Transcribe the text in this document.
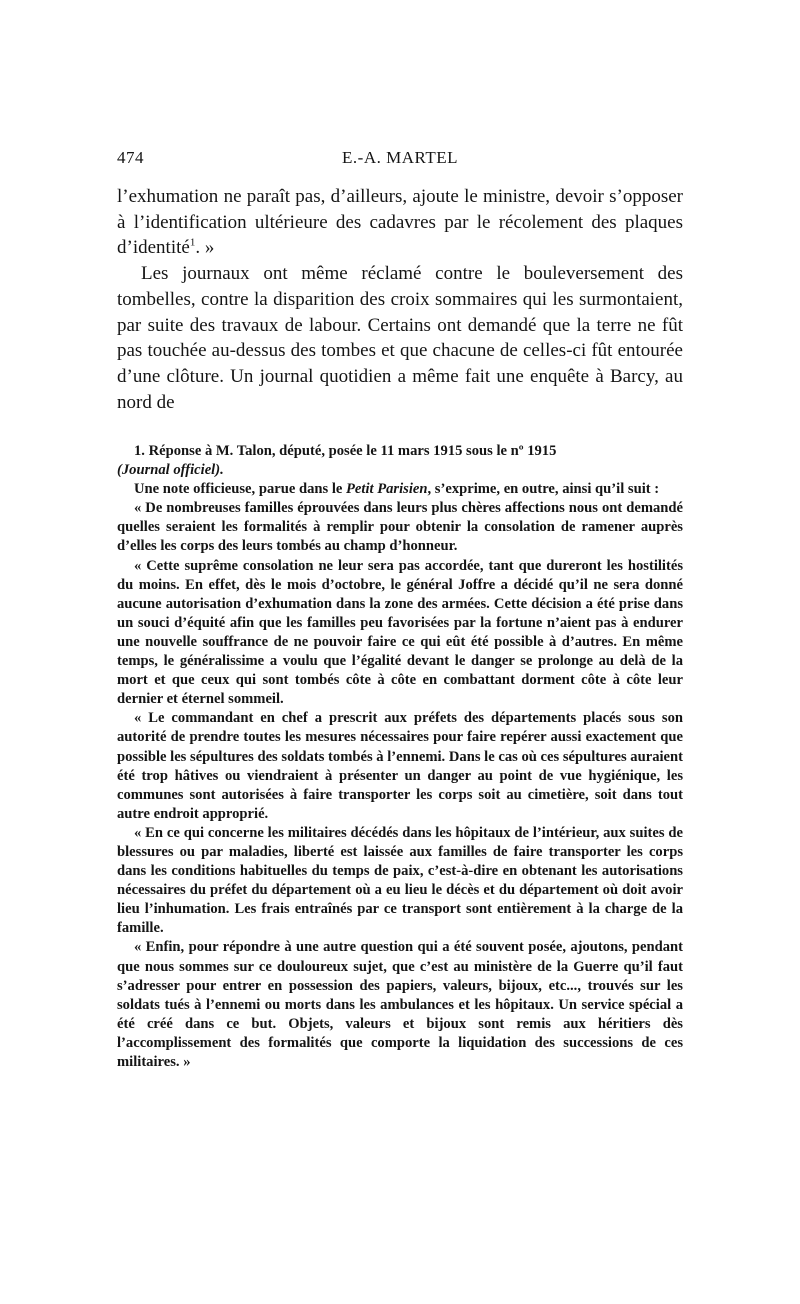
474	E.-A. MARTEL

l’exhumation ne paraît pas, d’ailleurs, ajoute le ministre, devoir s’opposer à l’identification ultérieure des cadavres par le récolement des plaques d’identité$^1$. »

Les journaux ont même réclamé contre le bouleversement des tombelles, contre la disparition des croix sommaires qui les surmontaient, par suite des travaux de labour. Certains ont demandé que la terre ne fût pas touchée au-dessus des tombes et que chacune de celles-ci fût entourée d’une clôture. Un journal quotidien a même fait une enquête à Barcy, au nord de

1. Réponse à M. Talon, député, posée le 11 mars 1915 sous le nº 1915
(Journal officiel).

Une note officieuse, parue dans le Petit Parisien, s’exprime, en outre, ainsi qu’il suit :

« De nombreuses familles éprouvées dans leurs plus chères affections nous ont demandé quelles seraient les formalités à remplir pour obtenir la consolation de ramener auprès d’elles les corps des leurs tombés au champ d’honneur.

« Cette suprême consolation ne leur sera pas accordée, tant que dureront les hostilités du moins. En effet, dès le mois d’octobre, le général Joffre a décidé qu’il ne sera donné aucune autorisation d’exhumation dans la zone des armées. Cette décision a été prise dans un souci d’équité afin que les familles peu favorisées par la fortune n’aient pas à endurer une nouvelle souffrance de ne pouvoir faire ce qui eût été possible à d’autres. En même temps, le généralissime a voulu que l’égalité devant le danger se prolonge au delà de la mort et que ceux qui sont tombés côte à côte en combattant dorment côte à côte leur dernier et éternel sommeil.

« Le commandant en chef a prescrit aux préfets des départements placés sous son autorité de prendre toutes les mesures nécessaires pour faire repérer aussi exactement que possible les sépultures des soldats tombés à l’ennemi. Dans le cas où ces sépultures auraient été trop hâtives ou viendraient à présenter un danger au point de vue hygiénique, les communes sont autorisées à faire transporter les corps soit au cimetière, soit dans tout autre endroit approprié.

« En ce qui concerne les militaires décédés dans les hôpitaux de l’intérieur, aux suites de blessures ou par maladies, liberté est laissée aux familles de faire transporter les corps dans les conditions habituelles du temps de paix, c’est-à-dire en obtenant les autorisations nécessaires du préfet du département où a eu lieu le décès et du département où doit avoir lieu l’inhumation. Les frais entraînés par ce transport sont entièrement à la charge de la famille.

« Enfin, pour répondre à une autre question qui a été souvent posée, ajoutons, pendant que nous sommes sur ce douloureux sujet, que c’est au ministère de la Guerre qu’il faut s’adresser pour entrer en possession des papiers, valeurs, bijoux, etc..., trouvés sur les soldats tués à l’ennemi ou morts dans les ambulances et les hôpitaux. Un service spécial a été créé dans ce but. Objets, valeurs et bijoux sont remis aux héritiers dès l’accomplissement des formalités que comporte la liquidation des successions de ces militaires. »
